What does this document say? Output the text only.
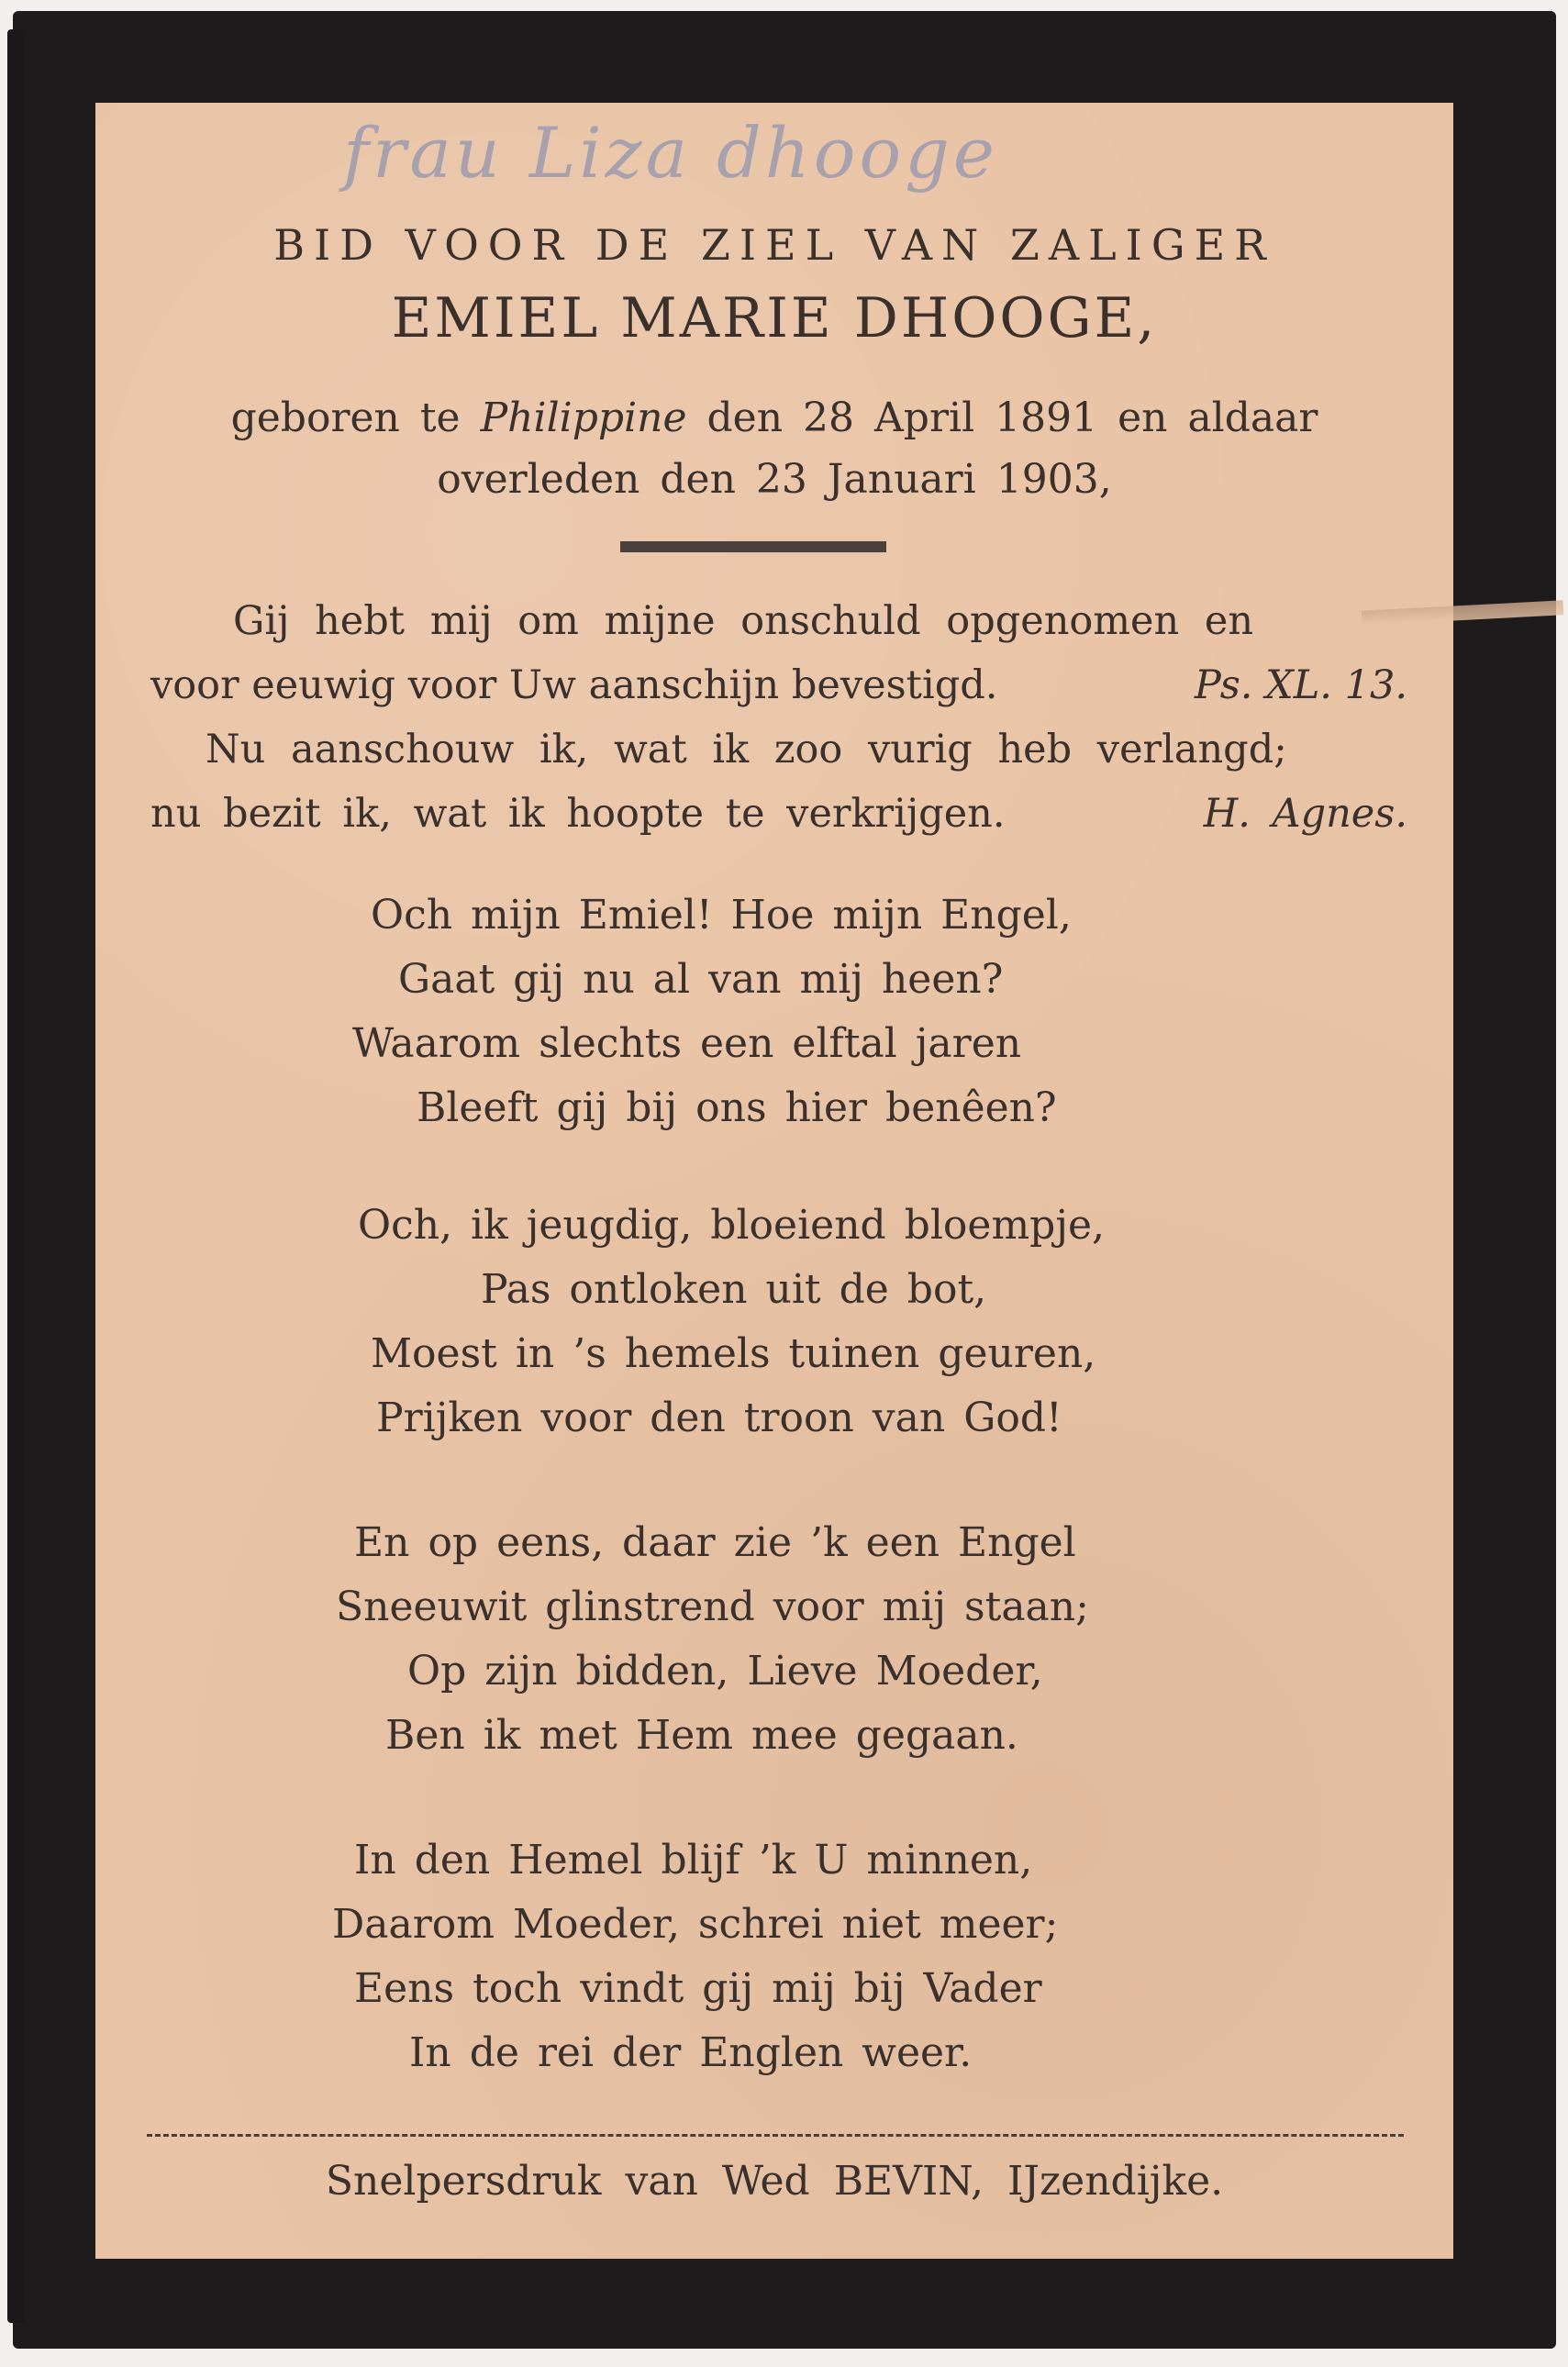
frau Liza dhooge
BID VOOR DE ZIEL VAN ZALIGER
EMIEL MARIE DHOOGE,
geboren te Philippine den 28 April 1891 en aldaar
overleden den 23 Januari 1903,
Gij hebt mij om mijne onschuld opgenomen en
voor eeuwig voor Uw aanschijn bevestigd.	Ps. XL. 13.
Nu aanschouw ik, wat ik zoo vurig heb verlangd;
nu bezit ik, wat ik hoopte te verkrijgen.	H. Agnes.
Och mijn Emiel! Hoe mijn Engel,
Gaat gij nu al van mij heen?
Waarom slechts een elftal jaren
Bleeft gij bij ons hier benêen?
Och, ik jeugdig, bloeiend bloempje,
Pas ontloken uit de bot,
Moest in ’s hemels tuinen geuren,
Prijken voor den troon van God!
En op eens, daar zie ’k een Engel
Sneeuwit glinstrend voor mij staan;
Op zijn bidden, Lieve Moeder,
Ben ik met Hem mee gegaan.
In den Hemel blijf ’k U minnen,
Daarom Moeder, schrei niet meer;
Eens toch vindt gij mij bij Vader
In de rei der Englen weer.
Snelpersdruk van Wed BEVIN, IJzendijke.
